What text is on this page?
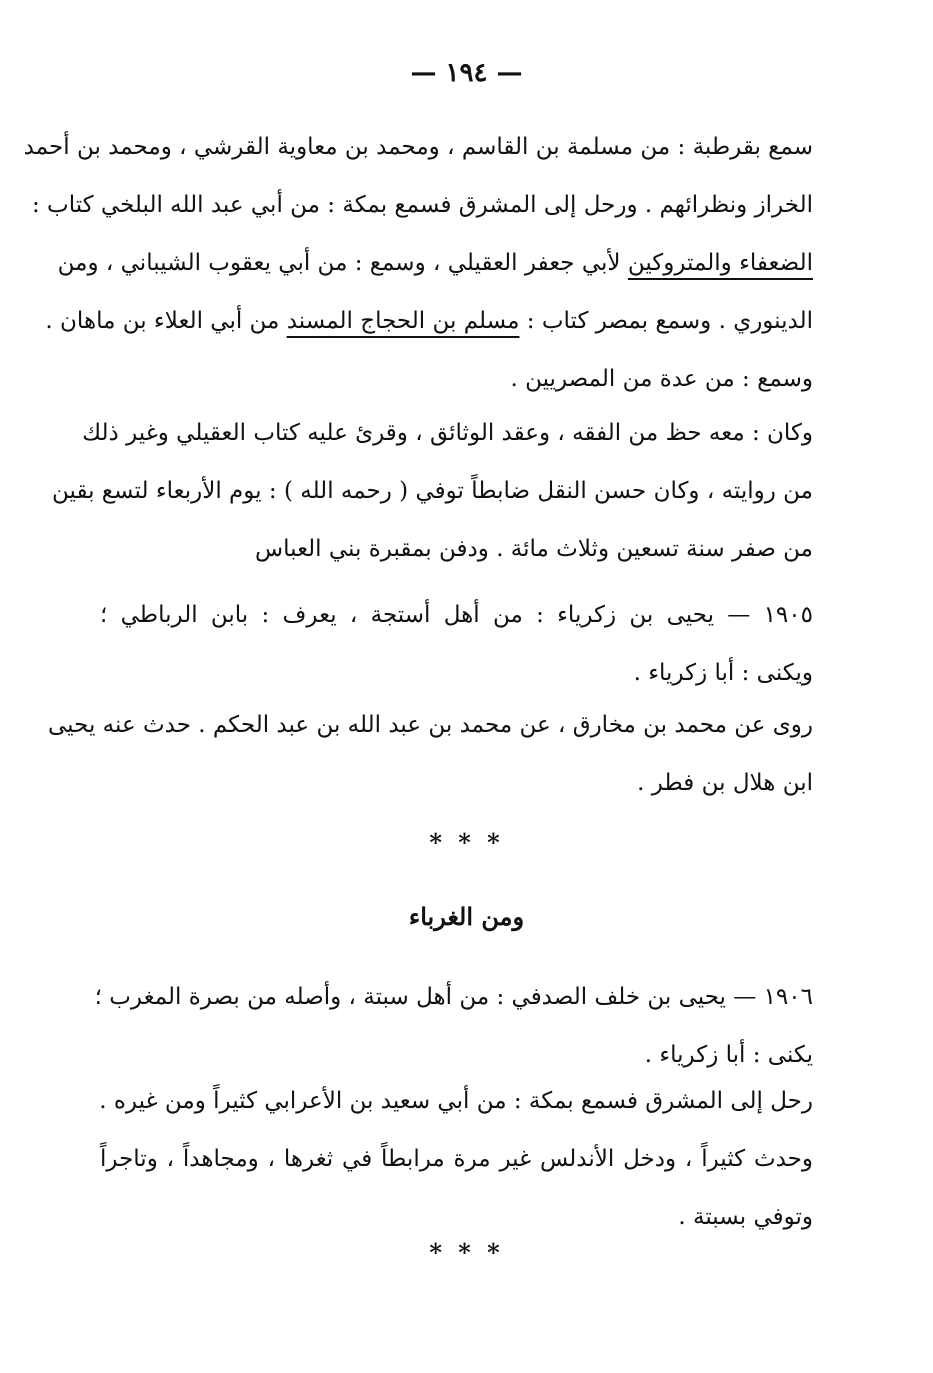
— ١٩٤ —
سمع بقرطبة : من مسلمة بن القاسم ، ومحمد بن معاوية القرشي ، ومحمد بن أحمد
الخراز ونظرائهم . ورحل إلى المشرق فسمع بمكة : من أبي عبد الله البلخي كتاب :
الضعفاء والمتروكين لأبي جعفر العقيلي ، وسمع : من أبي يعقوب الشيباني ، ومن
الدينوري . وسمع بمصر كتاب : مسلم بن الحجاج المسند من أبي العلاء بن ماهان .
وسمع : من عدة من المصريين .
وكان : معه حظ من الفقه ، وعقد الوثائق ، وقرئ عليه كتاب العقيلي وغير ذلك
من روايته ، وكان حسن النقل ضابطاً توفي ( رحمه الله ) : يوم الأربعاء لتسع بقين
من صفر سنة تسعين وثلاث مائة . ودفن بمقبرة بني العباس
١٩٠٥ — يحيى بن زكرياء : من أهل أستجة ، يعرف : بابن الرباطي ؛
ويكنى : أبا زكرياء .
روى عن محمد بن مخارق ، عن محمد بن عبد الله بن عبد الحكم . حدث عنه يحيى
ابن هلال بن فطر .
* * *
ومن الغرباء
١٩٠٦ — يحيى بن خلف الصدفي : من أهل سبتة ، وأصله من بصرة المغرب ؛
يكنى : أبا زكرياء .
رحل إلى المشرق فسمع بمكة : من أبي سعيد بن الأعرابي كثيراً ومن غيره .
وحدث كثيراً ، ودخل الأندلس غير مرة مرابطاً في ثغرها ، ومجاهداً ، وتاجراً
وتوفي بسبتة .
* * *
